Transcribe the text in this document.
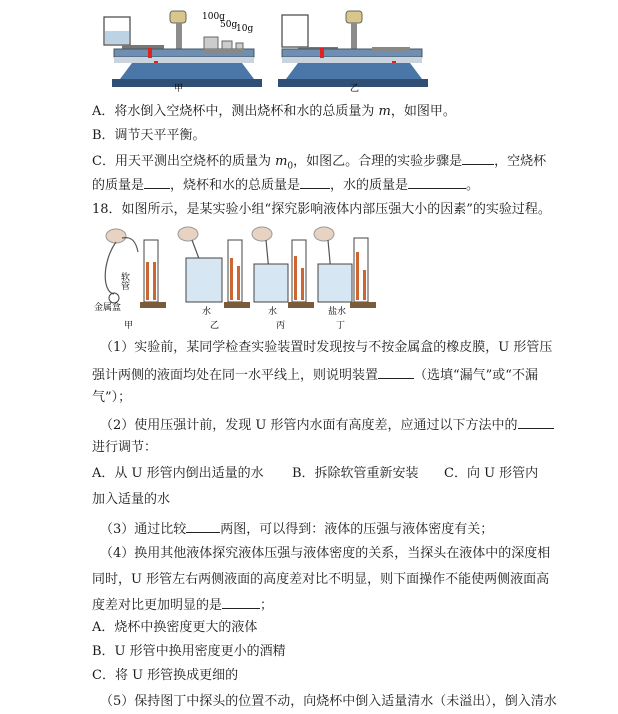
100g
50g
10g
甲	乙
A．将水倒入空烧杯中，测出烧杯和水的总质量为 m，如图甲。
B．调节天平平衡。
C．用天平测出空烧杯的质量为 $m_0$，如图乙。合理的实验步骤是 ，空烧杯
的质量是 ，烧杯和水的总质量是 ，水的质量是	。
18．如图所示，是某实验小组“探究影响液体内部压强大小的因素”的实验过程。
软管
金属盒
甲
水
乙
水
丙
盐水
丁
（1）实验前，某同学检查实验装置时发现按与不按金属盒的橡皮膜，U 形管压
强计两侧的液面均处在同一水平线上，则说明装置	（选填“漏气”或“不漏
气”）；
（2）使用压强计前，发现 U 形管内水面有高度差，应通过以下方法中的
进行调节：
A．从 U 形管内倒出适量的水 B．拆除软管重新安装 C．向 U 形管内
加入适量的水
（3）通过比较	两图，可以得到：液体的压强与液体密度有关；
（4）换用其他液体探究液体压强与液体密度的关系，当探头在液体中的深度相
同时，U 形管左右两侧液面的高度差对比不明显，则下面操作不能使两侧液面高
度差对比更加明显的是	；
A．烧杯中换密度更大的液体
B．U 形管中换用密度更小的酒精
C．将 U 形管换成更细的
（5）保持图丁中探头的位置不动，向烧杯中倒入适量清水（未溢出），倒入清水
